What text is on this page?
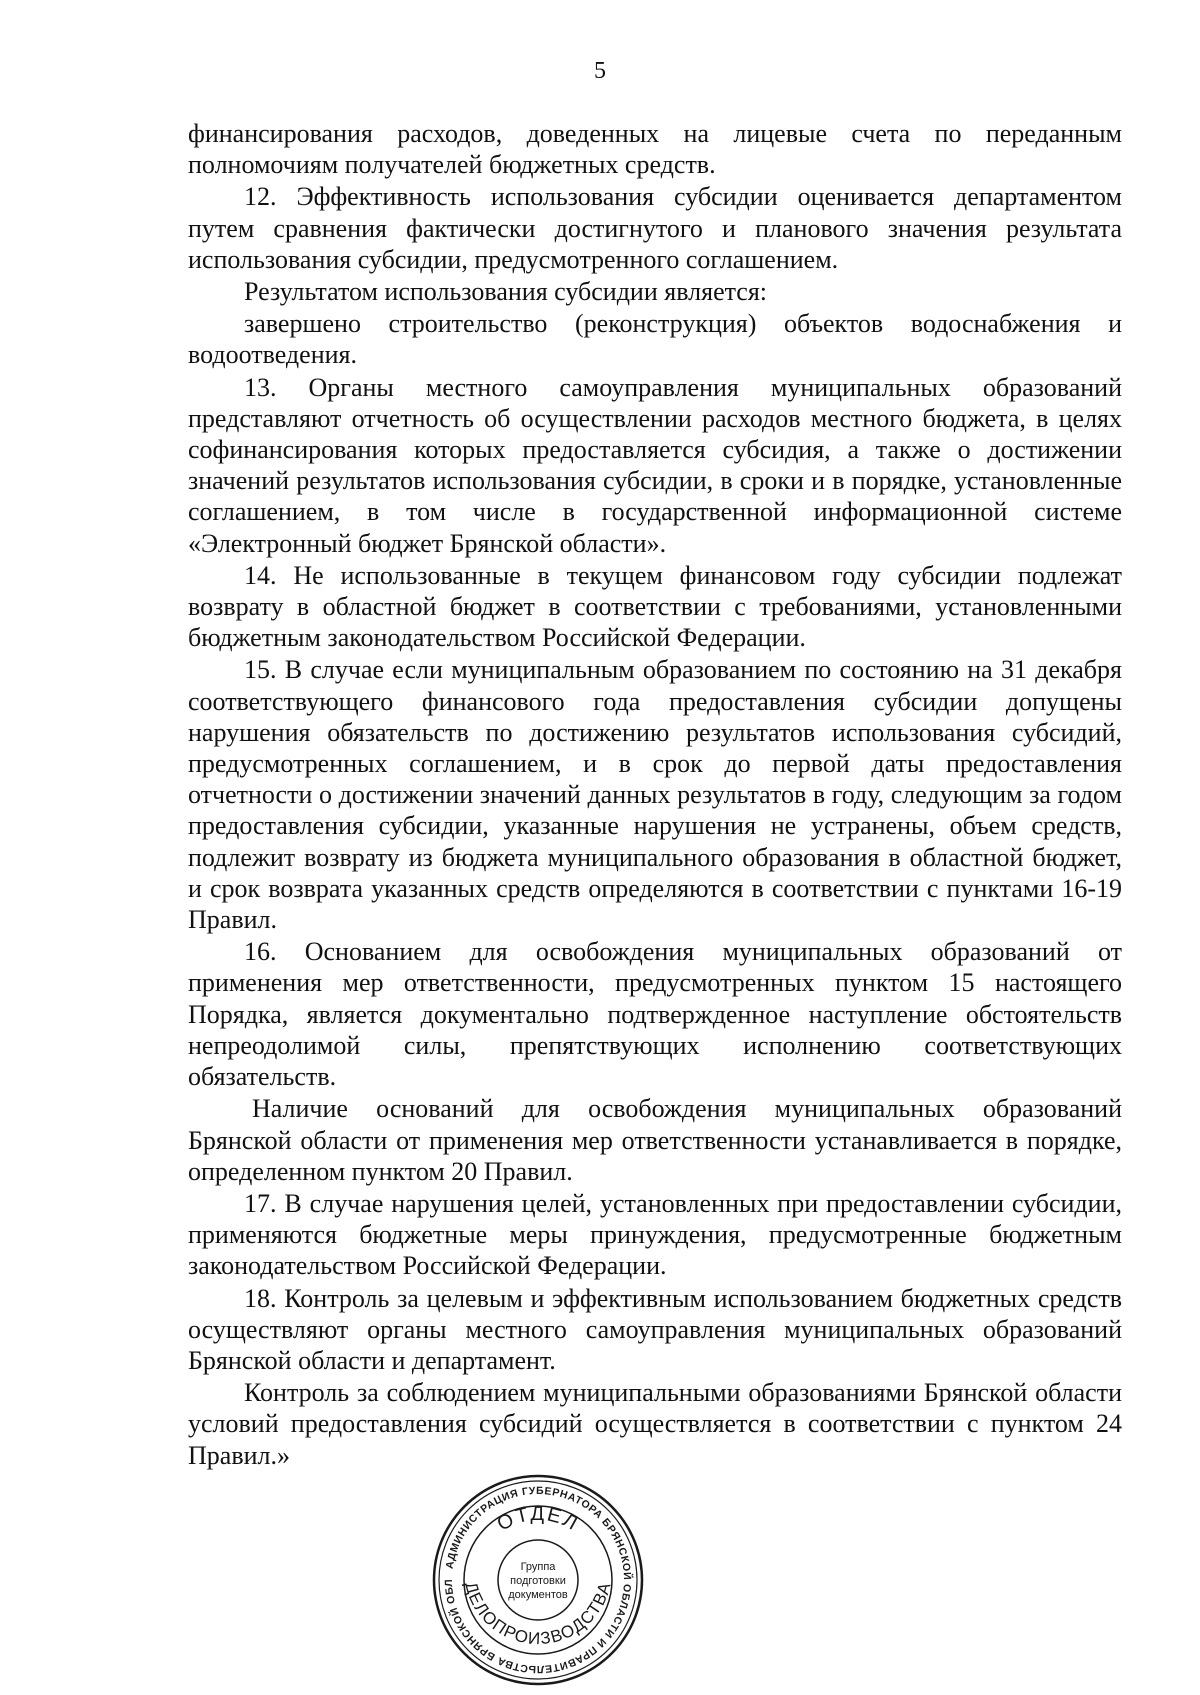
5

финансирования расходов, доведенных на лицевые счета по переданным полномочиям получателей бюджетных средств.

12. Эффективность использования субсидии оценивается департаментом путем сравнения фактически достигнутого и планового значения результата использования субсидии, предусмотренного соглашением.

Результатом использования субсидии является:

завершено строительство (реконструкция) объектов водоснабжения и водоотведения.

13. Органы местного самоуправления муниципальных образований представляют отчетность об осуществлении расходов местного бюджета, в целях софинансирования которых предоставляется субсидия, а также о достижении значений результатов использования субсидии, в сроки и в порядке, установленные соглашением, в том числе в государственной информационной системе «Электронный бюджет Брянской области».

14. Не использованные в текущем финансовом году субсидии подлежат возврату в областной бюджет в соответствии с требованиями, установленными бюджетным законодательством Российской Федерации.

15. В случае если муниципальным образованием по состоянию на 31 декабря соответствующего финансового года предоставления субсидии допущены нарушения обязательств по достижению результатов использования субсидий, предусмотренных соглашением, и в срок до первой даты предоставления отчетности о достижении значений данных результатов в году, следующим за годом предоставления субсидии, указанные нарушения не устранены, объем средств, подлежит возврату из бюджета муниципального образования в областной бюджет, и срок возврата указанных средств определяются в соответствии с пунктами 16-19 Правил.

16. Основанием для освобождения муниципальных образований от применения мер ответственности, предусмотренных пунктом 15 настоящего Порядка, является документально подтвержденное наступление обстоятельств непреодолимой силы, препятствующих исполнению соответствующих обязательств.

Наличие оснований для освобождения муниципальных образований Брянской области от применения мер ответственности устанавливается в порядке, определенном пунктом 20 Правил.

17. В случае нарушения целей, установленных при предоставлении субсидии, применяются бюджетные меры принуждения, предусмотренные бюджетным законодательством Российской Федерации.

18. Контроль за целевым и эффективным использованием бюджетных средств осуществляют органы местного самоуправления муниципальных образований Брянской области и департамент.

Контроль за соблюдением муниципальными образованиями Брянской области условий предоставления субсидий осуществляется в соответствии с пунктом 24 Правил.»

АДМИНИСТРАЦИЯ ГУБЕРНАТОРА БРЯНСКОЙ ОБЛАСТИ И ПРАВИТЕЛЬСТВА БРЯНСКОЙ ОБЛ
ОТДЕЛ
ДЕЛОПРОИЗВОДСТВА
Группа
подготовки
документов
